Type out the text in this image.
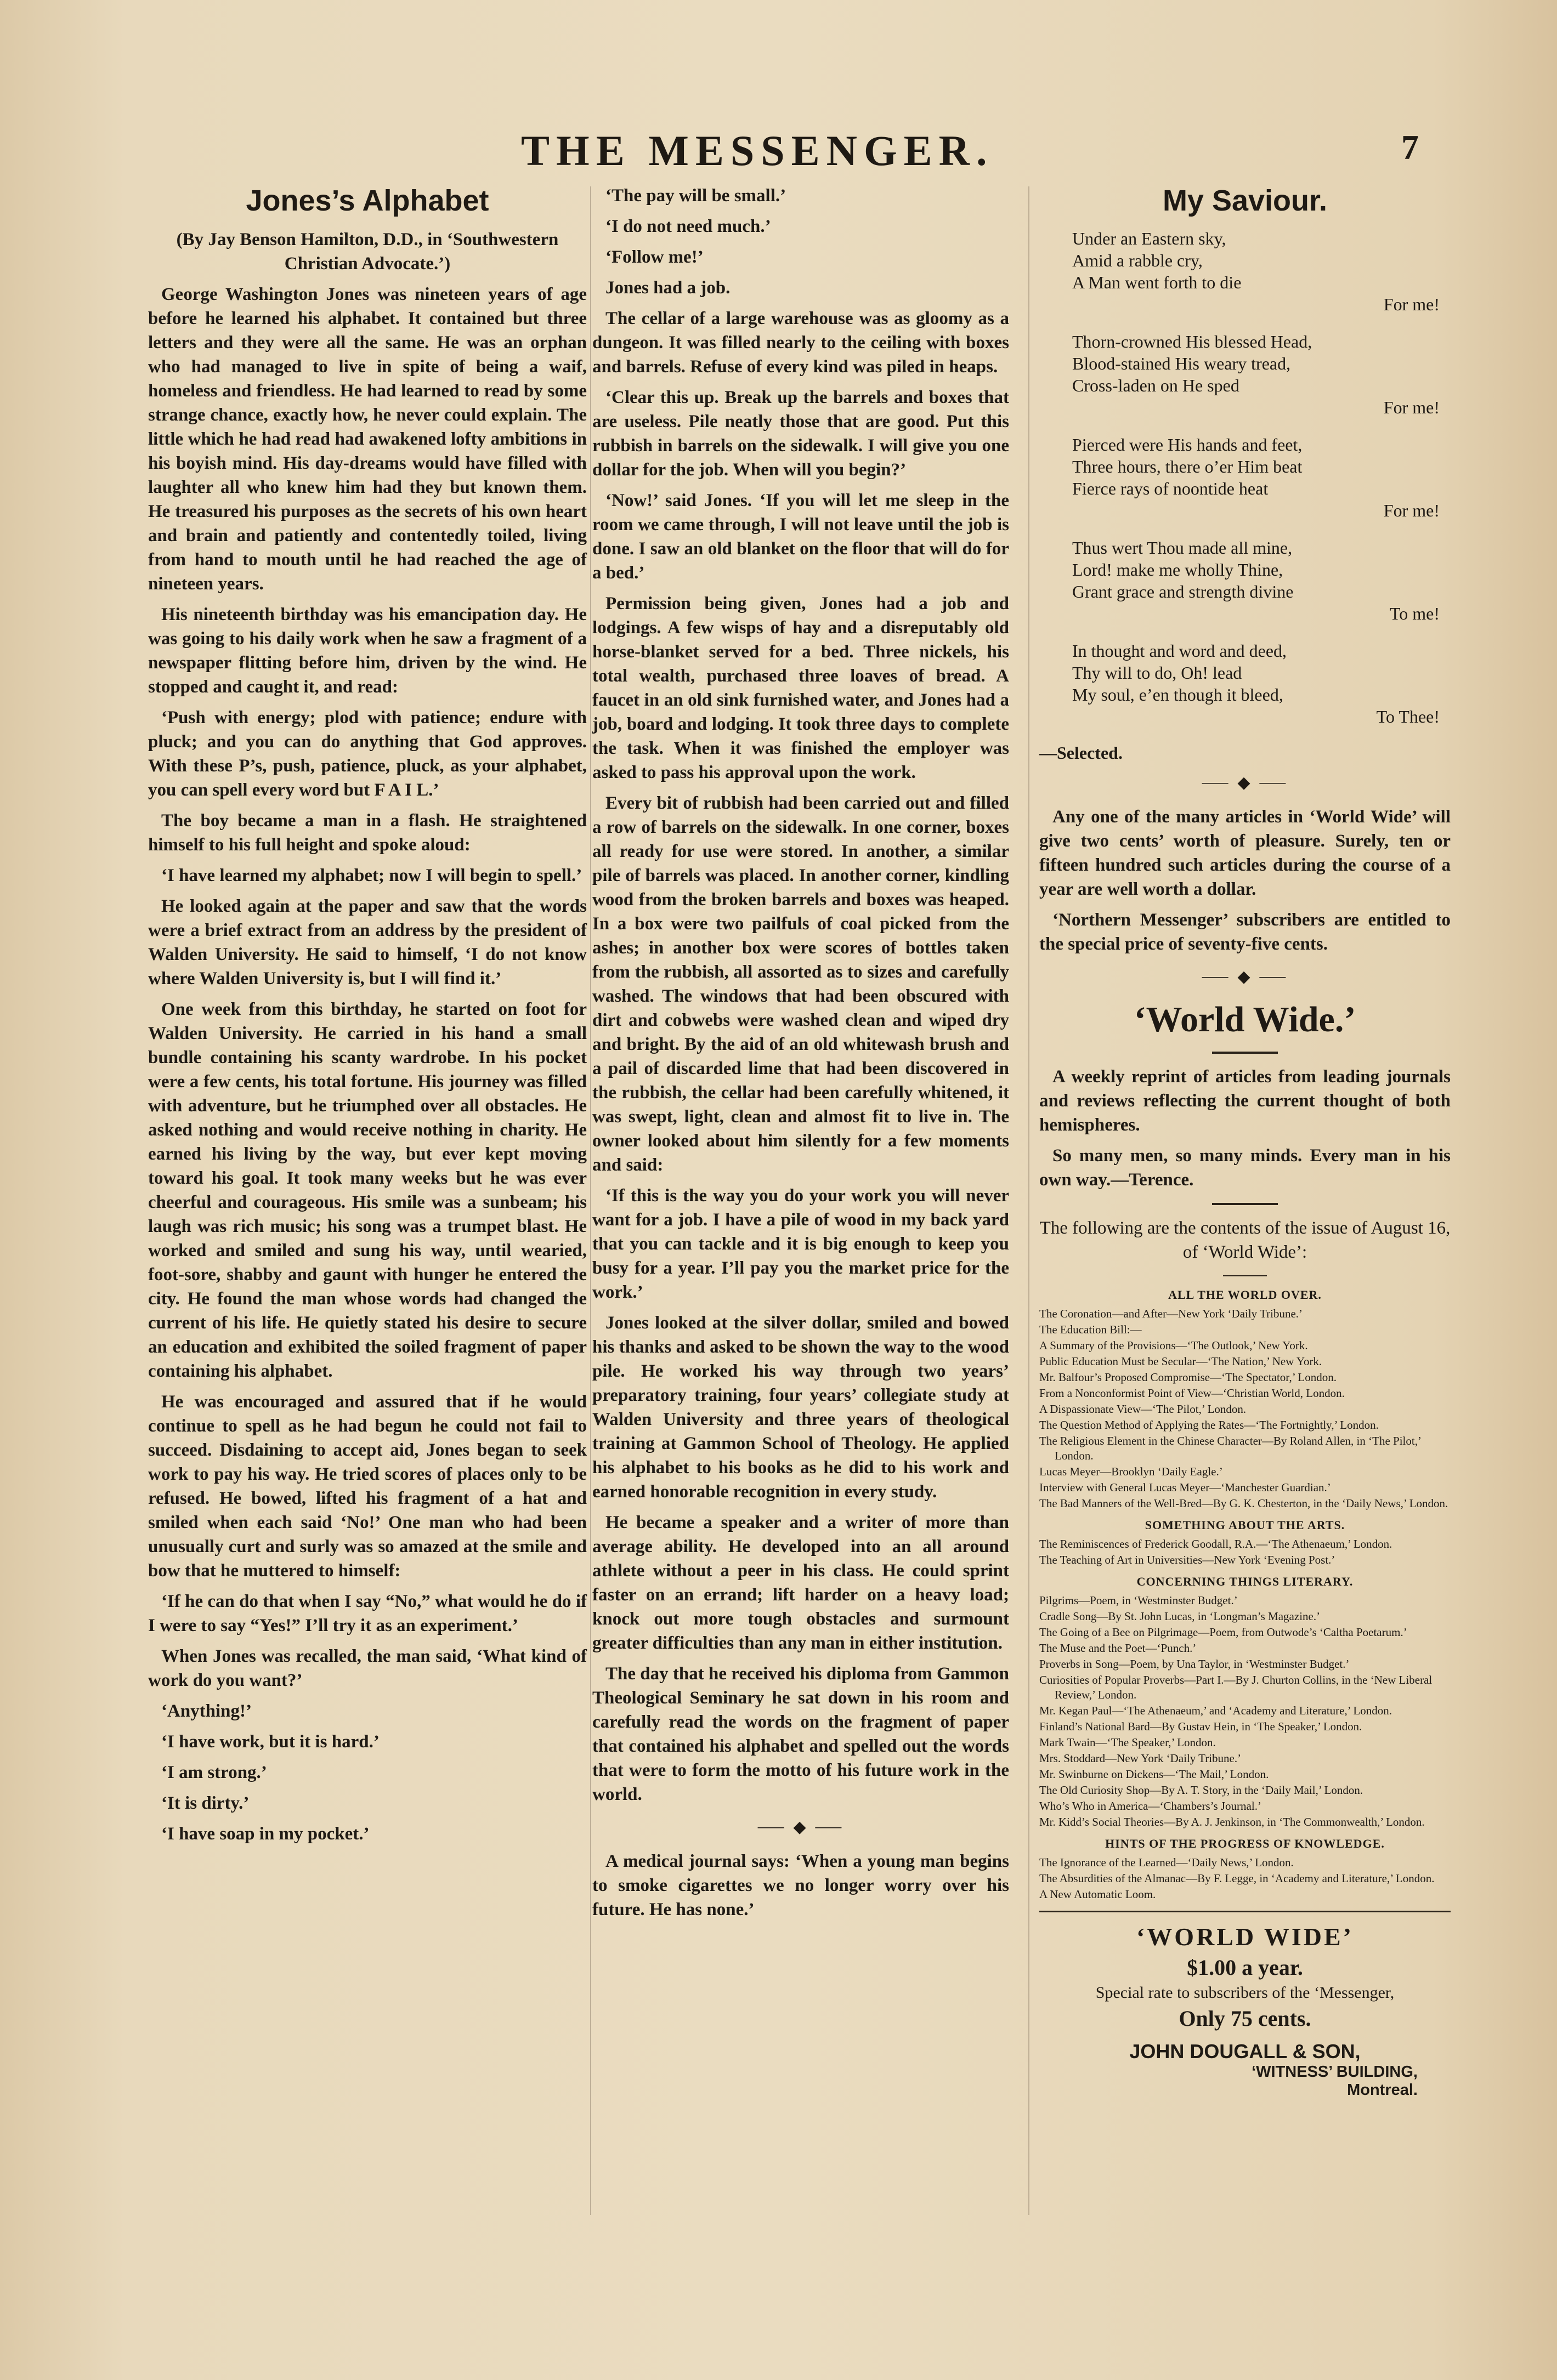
THE MESSENGER.	7
Jones’s Alphabet
(By Jay Benson Hamilton, D.D., in ‘Southwestern Christian Advocate.’)

George Washington Jones was nineteen years of age before he learned his alphabet. It contained but three letters and they were all the same. He was an orphan who had managed to live in spite of being a waif, homeless and friendless. He had learned to read by some strange chance, exactly how, he never could explain. The little which he had read had awakened lofty ambitions in his boyish mind. His day-dreams would have filled with laughter all who knew him had they but known them. He treasured his purposes as the secrets of his own heart and brain and patiently and contentedly toiled, living from hand to mouth until he had reached the age of nineteen years.

His nineteenth birthday was his emancipation day. He was going to his daily work when he saw a fragment of a newspaper flitting before him, driven by the wind. He stopped and caught it, and read:

‘Push with energy; plod with patience; endure with pluck; and you can do anything that God approves. With these P’s, push, patience, pluck, as your alphabet, you can spell every word but F A I L.’

The boy became a man in a flash. He straightened himself to his full height and spoke aloud:

‘I have learned my alphabet; now I will begin to spell.’

He looked again at the paper and saw that the words were a brief extract from an address by the president of Walden University. He said to himself, ‘I do not know where Walden University is, but I will find it.’

One week from this birthday, he started on foot for Walden University. He carried in his hand a small bundle containing his scanty wardrobe. In his pocket were a few cents, his total fortune. His journey was filled with adventure, but he triumphed over all obstacles. He asked nothing and would receive nothing in charity. He earned his living by the way, but ever kept moving toward his goal. It took many weeks but he was ever cheerful and courageous. His smile was a sunbeam; his laugh was rich music; his song was a trumpet blast. He worked and smiled and sung his way, until wearied, foot-sore, shabby and gaunt with hunger he entered the city. He found the man whose words had changed the current of his life. He quietly stated his desire to secure an education and exhibited the soiled fragment of paper containing his alphabet.

He was encouraged and assured that if he would continue to spell as he had begun he could not fail to succeed. Disdaining to accept aid, Jones began to seek work to pay his way. He tried scores of places only to be refused. He bowed, lifted his fragment of a hat and smiled when each said ‘No!’ One man who had been unusually curt and surly was so amazed at the smile and bow that he muttered to himself:

‘If he can do that when I say “No,” what would he do if I were to say “Yes!” I’ll try it as an experiment.’

When Jones was recalled, the man said, ‘What kind of work do you want?’

‘Anything!’

‘I have work, but it is hard.’

‘I am strong.’

‘It is dirty.’

‘I have soap in my pocket.’

‘The pay will be small.’

‘I do not need much.’

‘Follow me!’

Jones had a job.

The cellar of a large warehouse was as gloomy as a dungeon. It was filled nearly to the ceiling with boxes and barrels. Refuse of every kind was piled in heaps.

‘Clear this up. Break up the barrels and boxes that are useless. Pile neatly those that are good. Put this rubbish in barrels on the sidewalk. I will give you one dollar for the job. When will you begin?’

‘Now!’ said Jones. ‘If you will let me sleep in the room we came through, I will not leave until the job is done. I saw an old blanket on the floor that will do for a bed.’

Permission being given, Jones had a job and lodgings. A few wisps of hay and a disreputably old horse-blanket served for a bed. Three nickels, his total wealth, purchased three loaves of bread. A faucet in an old sink furnished water, and Jones had a job, board and lodging. It took three days to complete the task. When it was finished the employer was asked to pass his approval upon the work.

Every bit of rubbish had been carried out and filled a row of barrels on the sidewalk. In one corner, boxes all ready for use were stored. In another, a similar pile of barrels was placed. In another corner, kindling wood from the broken barrels and boxes was heaped. In a box were two pailfuls of coal picked from the ashes; in another box were scores of bottles taken from the rubbish, all assorted as to sizes and carefully washed. The windows that had been obscured with dirt and cobwebs were washed clean and wiped dry and bright. By the aid of an old whitewash brush and a pail of discarded lime that had been discovered in the rubbish, the cellar had been carefully whitened, it was swept, light, clean and almost fit to live in. The owner looked about him silently for a few moments and said:

‘If this is the way you do your work you will never want for a job. I have a pile of wood in my back yard that you can tackle and it is big enough to keep you busy for a year. I’ll pay you the market price for the work.’

Jones looked at the silver dollar, smiled and bowed his thanks and asked to be shown the way to the wood pile. He worked his way through two years’ preparatory training, four years’ collegiate study at Walden University and three years of theological training at Gammon School of Theology. He applied his alphabet to his books as he did to his work and earned honorable recognition in every study.

He became a speaker and a writer of more than average ability. He developed into an all around athlete without a peer in his class. He could sprint faster on an errand; lift harder on a heavy load; knock out more tough obstacles and surmount greater difficulties than any man in either institution.

The day that he received his diploma from Gammon Theological Seminary he sat down in his room and carefully read the words on the fragment of paper that contained his alphabet and spelled out the words that were to form the motto of his future work in the world.

⸺ ◆ ⸺

A medical journal says: ‘When a young man begins to smoke cigarettes we no longer worry over his future. He has none.’

My Saviour.
Under an Eastern sky,
Amid a rabble cry,
A Man went forth to die
For me!
Thorn-crowned His blessed Head,
Blood-stained His weary tread,
Cross-laden on He sped
For me!
Pierced were His hands and feet,
Three hours, there o’er Him beat
Fierce rays of noontide heat
For me!
Thus wert Thou made all mine,
Lord! make me wholly Thine,
Grant grace and strength divine
To me!
In thought and word and deed,
Thy will to do, Oh! lead
My soul, e’en though it bleed,
To Thee!
—Selected.
⸺ ◆ ⸺

Any one of the many articles in ‘World Wide’ will give two cents’ worth of pleasure. Surely, ten or fifteen hundred such articles during the course of a year are well worth a dollar.

‘Northern Messenger’ subscribers are entitled to the special price of seventy-five cents.

⸺ ◆ ⸺
‘World Wide.’

A weekly reprint of articles from leading journals and reviews reflecting the current thought of both hemispheres.

So many men, so many minds. Every man in his own way.—Terence.

The following are the contents of the issue of August 16, of ‘World Wide’:

ALL THE WORLD OVER.
The Coronation—and After—New York ‘Daily Tribune.’
The Education Bill:—
A Summary of the Provisions—‘The Outlook,’ New York.
Public Education Must be Secular—‘The Nation,’ New York.
Mr. Balfour’s Proposed Compromise—‘The Spectator,’ London.
From a Nonconformist Point of View—‘Christian World, London.
A Dispassionate View—‘The Pilot,’ London.
The Question Method of Applying the Rates—‘The Fortnightly,’ London.
The Religious Element in the Chinese Character—By Roland Allen, in ‘The Pilot,’ London.
Lucas Meyer—Brooklyn ‘Daily Eagle.’
Interview with General Lucas Meyer—‘Manchester Guardian.’
The Bad Manners of the Well-Bred—By G. K. Chesterton, in the ‘Daily News,’ London.
SOMETHING ABOUT THE ARTS.
The Reminiscences of Frederick Goodall, R.A.—‘The Athenaeum,’ London.
The Teaching of Art in Universities—New York ‘Evening Post.’
CONCERNING THINGS LITERARY.
Pilgrims—Poem, in ‘Westminster Budget.’
Cradle Song—By St. John Lucas, in ‘Longman’s Magazine.’
The Going of a Bee on Pilgrimage—Poem, from Outwode’s ‘Caltha Poetarum.’
The Muse and the Poet—‘Punch.’
Proverbs in Song—Poem, by Una Taylor, in ‘Westminster Budget.’
Curiosities of Popular Proverbs—Part I.—By J. Churton Collins, in the ‘New Liberal Review,’ London.
Mr. Kegan Paul—‘The Athenaeum,’ and ‘Academy and Literature,’ London.
Finland’s National Bard—By Gustav Hein, in ‘The Speaker,’ London.
Mark Twain—‘The Speaker,’ London.
Mrs. Stoddard—New York ‘Daily Tribune.’
Mr. Swinburne on Dickens—‘The Mail,’ London.
The Old Curiosity Shop—By A. T. Story, in the ‘Daily Mail,’ London.
Who’s Who in America—‘Chambers’s Journal.’
Mr. Kidd’s Social Theories—By A. J. Jenkinson, in ‘The Commonwealth,’ London.
HINTS OF THE PROGRESS OF KNOWLEDGE.
The Ignorance of the Learned—‘Daily News,’ London.
The Absurdities of the Almanac—By F. Legge, in ‘Academy and Literature,’ London.
A New Automatic Loom.
‘WORLD WIDE’
$1.00 a year.
Special rate to subscribers of the ‘Messenger,
Only 75 cents.
JOHN DOUGALL & SON,
‘WITNESS’ BUILDING,
Montreal.
